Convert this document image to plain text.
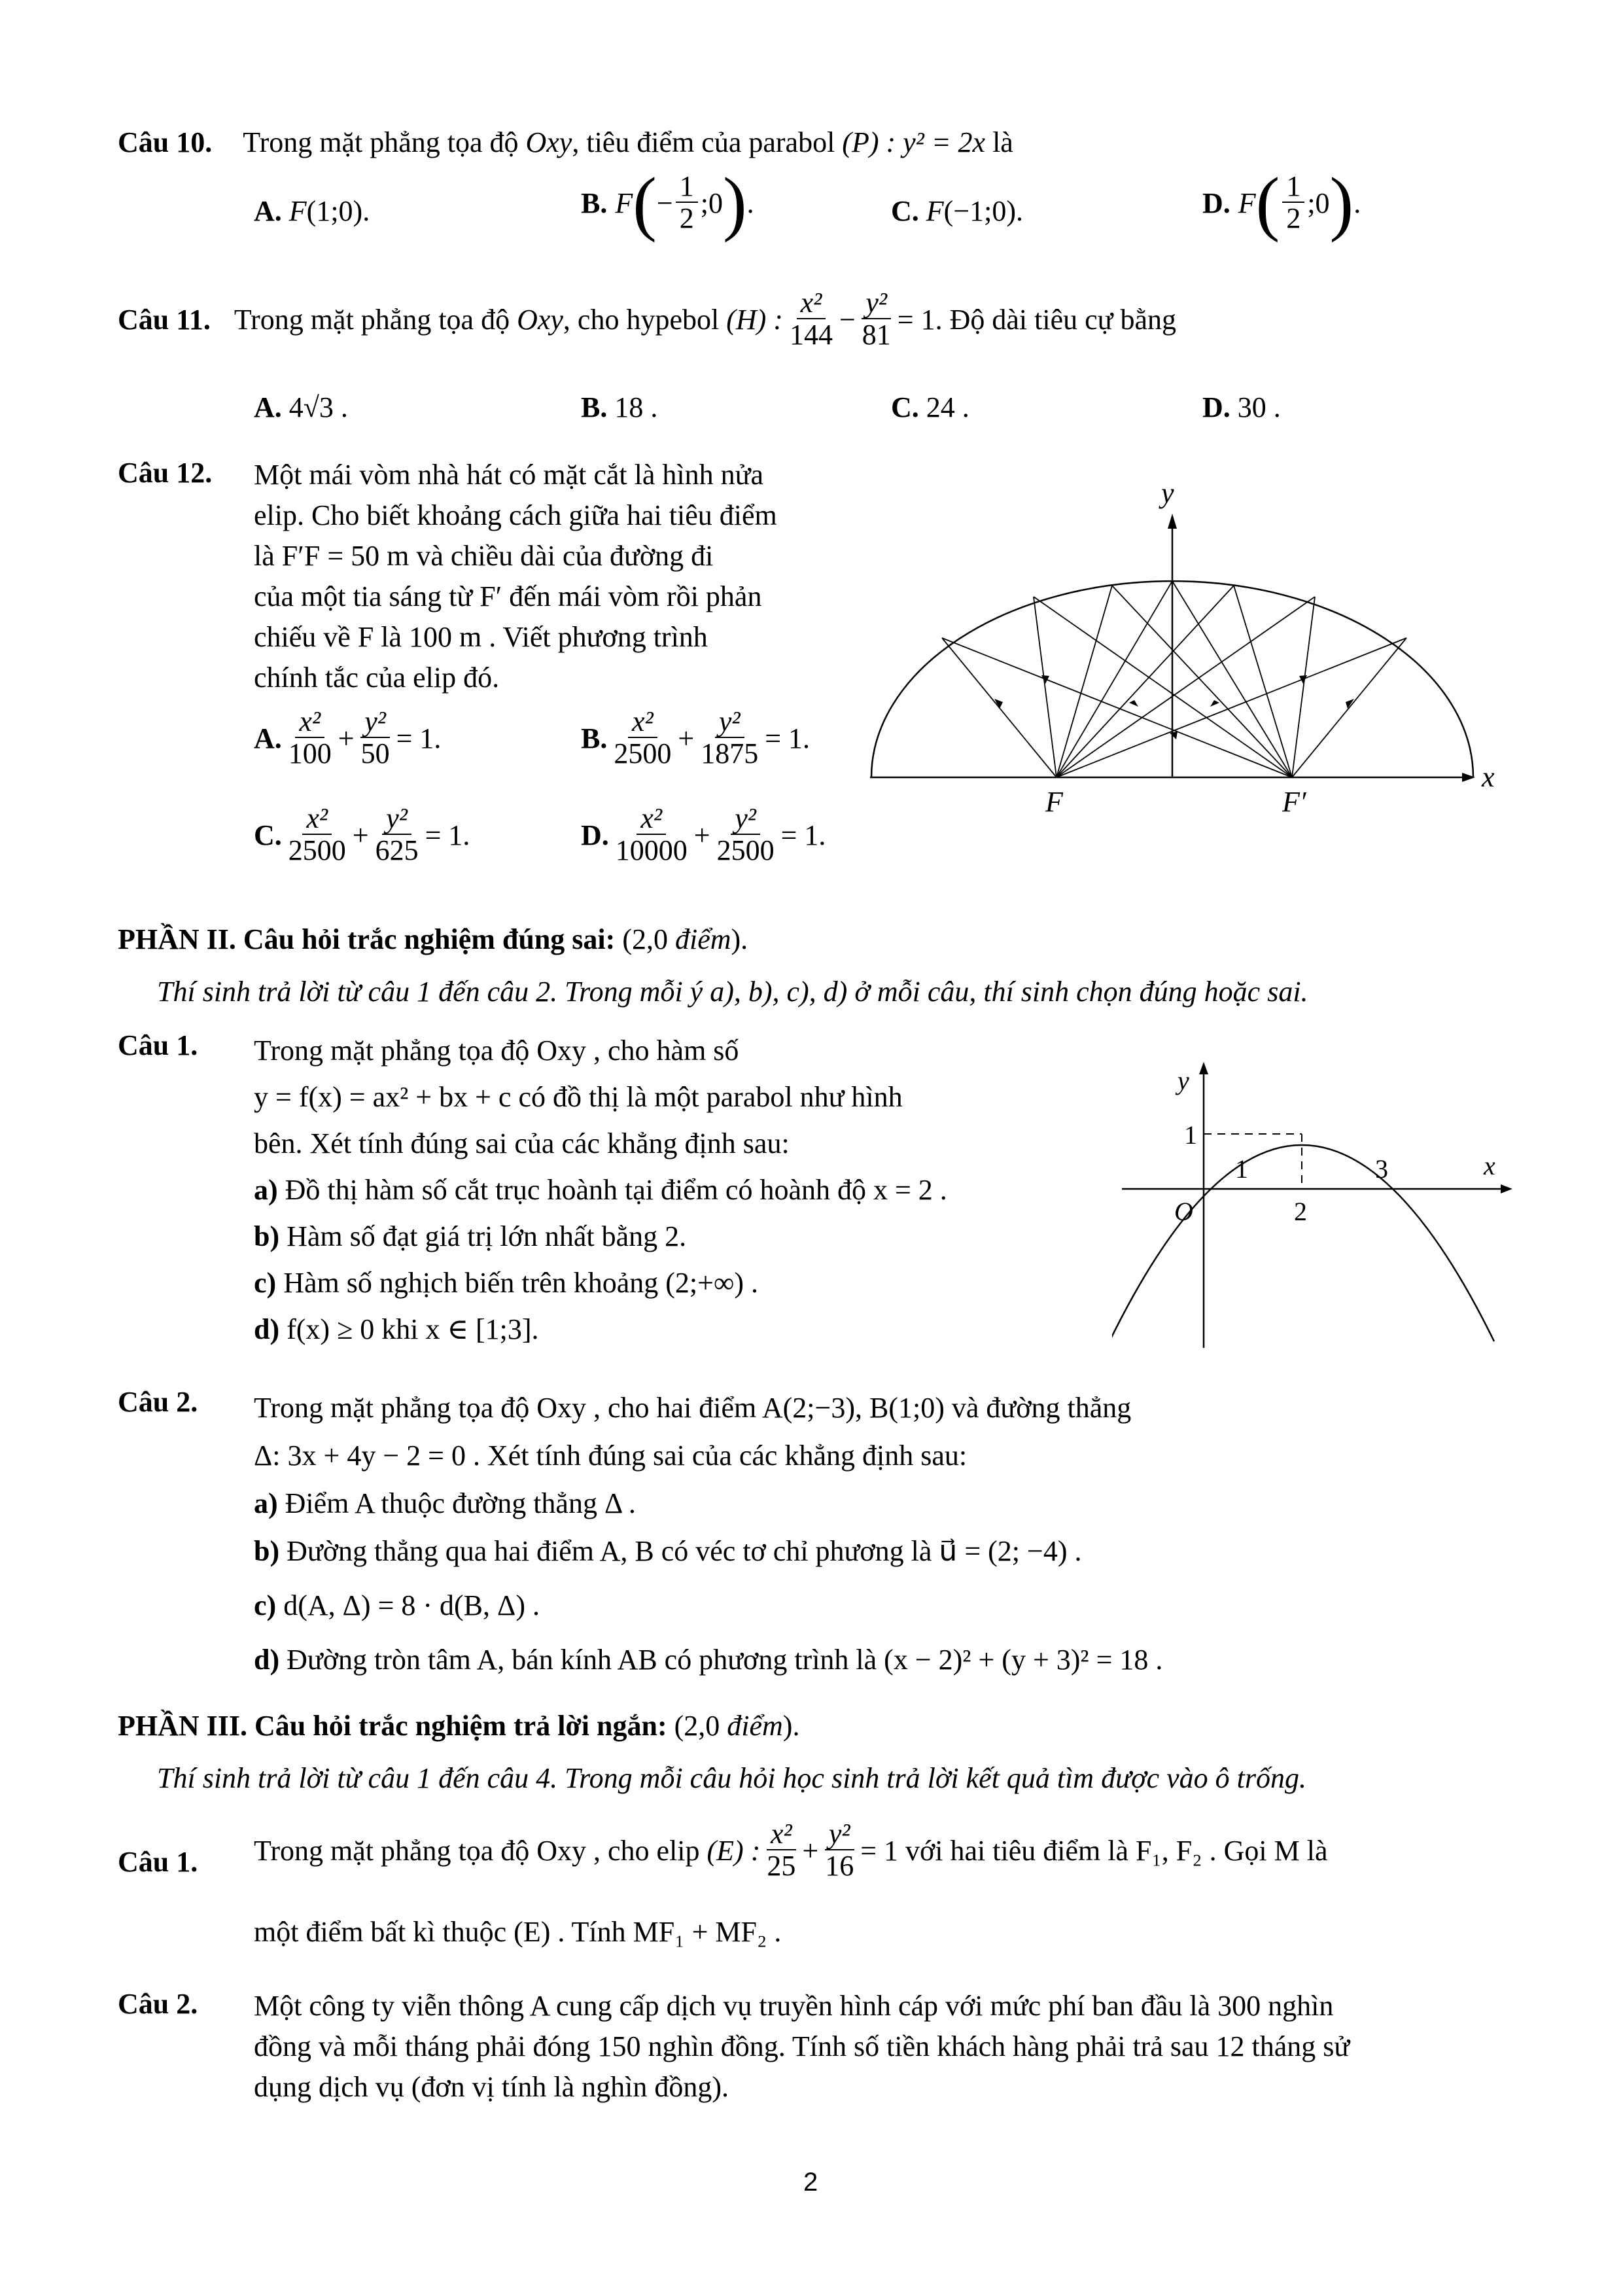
Câu 10. Trong mặt phẳng tọa độ Oxy, tiêu điểm của parabol (P) : y² = 2x là
A. F(1;0).	B. F ( − $\frac{1}{2}$ ;0 ) .	C. F(−1;0).	D. F ( $\frac{1}{2}$ ;0 ) .
Câu 11. Trong mặt phẳng tọa độ
Oxy , cho hypebol
(H) : $\frac{\text{x²}}{144} - \frac{\text{y²}}{81} = 1$ . Độ dài tiêu cự bằng
A. 4√3 .	B. 18 .	C. 24 .	D. 30 .
Câu 12. Một mái vòm nhà hát có mặt cắt là hình nửa
elip. Cho biết khoảng cách giữa hai tiêu điểm
là F′F = 50 m và chiều dài của đường đi
của một tia sáng từ F′ đến mái vòm rồi phản
chiếu về F là 100 m . Viết phương trình
chính tắc của elip đó.
A. $\frac{\text{x²}}{100} + \frac{\text{y²}}{50} = 1$.	B. $\frac{\text{x²}}{2500} + \frac{\text{y²}}{1875} = 1$.
C. $\frac{\text{x²}}{2500} + \frac{\text{y²}}{625} = 1$.	D. $\frac{\text{x²}}{10000} + \frac{\text{y²}}{2500} = 1$.
y
x
F	F′
PHẦN II. Câu hỏi trắc nghiệm đúng sai: (2,0 điểm).
Thí sinh trả lời từ câu 1 đến câu 2. Trong mỗi ý a), b), c), d) ở mỗi câu, thí sinh chọn đúng hoặc sai.
Câu 1. Trong mặt phẳng tọa độ Oxy , cho hàm số
y = f(x) = ax² + bx + c có đồ thị là một parabol như hình
bên. Xét tính đúng sai của các khẳng định sau:
a) Đồ thị hàm số cắt trục hoành tại điểm có hoành độ x = 2 .
b) Hàm số đạt giá trị lớn nhất bằng 2.
c) Hàm số nghịch biến trên khoảng (2;+∞) .
d) f(x) ≥ 0 khi x ∈ [1;3].
y
x
O
1
1
2
3
Câu 2. Trong mặt phẳng tọa độ Oxy , cho hai điểm A(2;−3), B(1;0) và đường thẳng
Δ: 3x + 4y − 2 = 0 . Xét tính đúng sai của các khẳng định sau:
a) Điểm A thuộc đường thẳng Δ .
b) Đường thẳng qua hai điểm A, B có véc tơ chỉ phương là u⃗ = (2; −4) .
c) d(A, Δ) = 8 · d(B, Δ) .
d) Đường tròn tâm A, bán kính AB có phương trình là (x − 2)² + (y + 3)² = 18 .
PHẦN III. Câu hỏi trắc nghiệm trả lời ngắn: (2,0 điểm).
Thí sinh trả lời từ câu 1 đến câu 4. Trong mỗi câu hỏi học sinh trả lời kết quả tìm được vào ô trống.
Câu 1. Trong mặt phẳng tọa độ Oxy , cho elip
(E) : $\frac{\text{x²}}{25} + \frac{\text{y²}}{16} = 1$
với hai tiêu điểm là F₁, F₂ . Gọi M là
một điểm bất kì thuộc (E) . Tính MF₁ + MF₂ .
Câu 2. Một công ty viễn thông A cung cấp dịch vụ truyền hình cáp với mức phí ban đầu là 300 nghìn
đồng và mỗi tháng phải đóng 150 nghìn đồng. Tính số tiền khách hàng phải trả sau 12 tháng sử
dụng dịch vụ (đơn vị tính là nghìn đồng).
2
